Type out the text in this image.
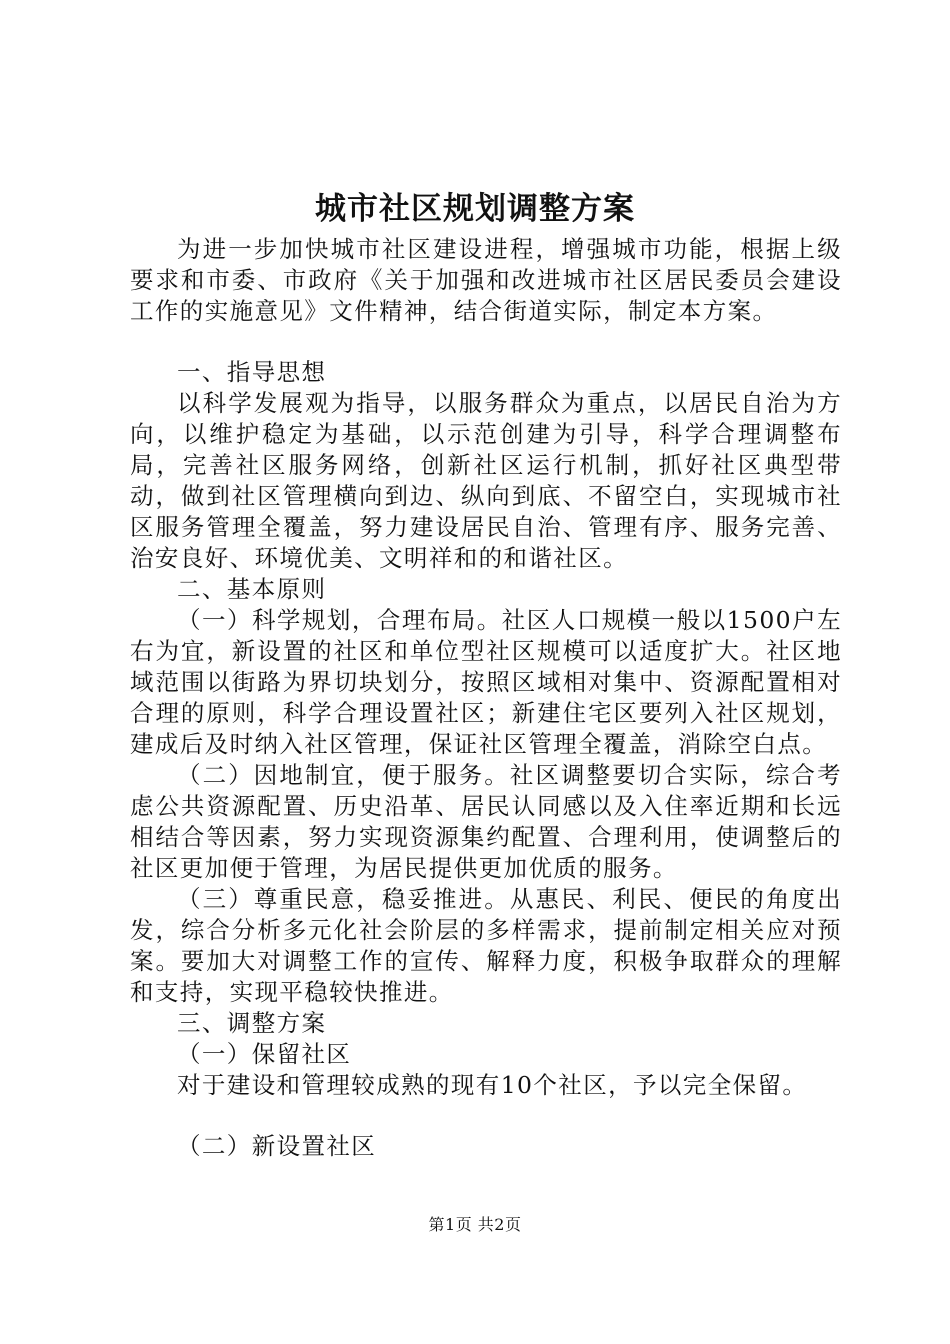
城市社区规划调整方案

为进一步加快城市社区建设进程，增强城市功能，根据上级要求和市委、市政府《关于加强和改进城市社区居民委员会建设工作的实施意见》文件精神，结合街道实际，制定本方案。

一、指导思想

以科学发展观为指导，以服务群众为重点，以居民自治为方向，以维护稳定为基础，以示范创建为引导，科学合理调整布局，完善社区服务网络，创新社区运行机制，抓好社区典型带动，做到社区管理横向到边、纵向到底、不留空白，实现城市社区服务管理全覆盖，努力建设居民自治、管理有序、服务完善、治安良好、环境优美、文明祥和的和谐社区。

二、基本原则

（一）科学规划，合理布局。社区人口规模一般以1500户左右为宜，新设置的社区和单位型社区规模可以适度扩大。社区地域范围以街路为界切块划分，按照区域相对集中、资源配置相对合理的原则，科学合理设置社区；新建住宅区要列入社区规划，建成后及时纳入社区管理，保证社区管理全覆盖，消除空白点。

（二）因地制宜，便于服务。社区调整要切合实际，综合考虑公共资源配置、历史沿革、居民认同感以及入住率近期和长远相结合等因素，努力实现资源集约配置、合理利用，使调整后的社区更加便于管理，为居民提供更加优质的服务。

（三）尊重民意，稳妥推进。从惠民、利民、便民的角度出发，综合分析多元化社会阶层的多样需求，提前制定相关应对预案。要加大对调整工作的宣传、解释力度，积极争取群众的理解和支持，实现平稳较快推进。

三、调整方案

（一）保留社区

对于建设和管理较成熟的现有10个社区，予以完全保留。

（二）新设置社区

第1页 共2页
